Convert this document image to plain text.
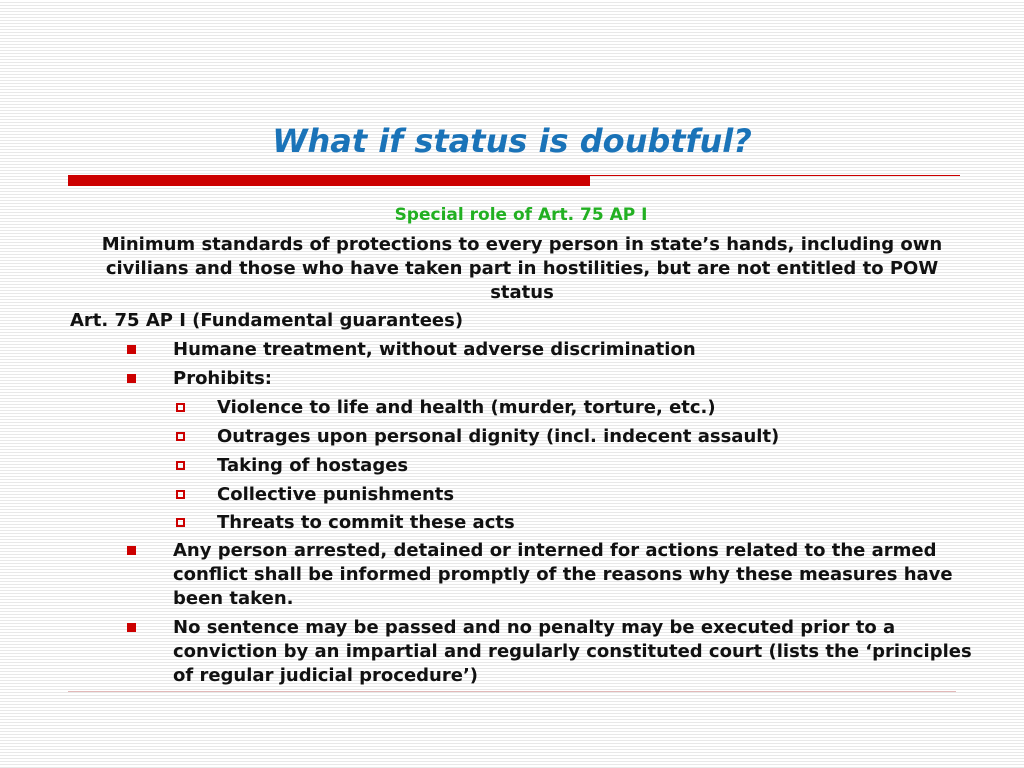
What if status is doubtful?
Special role of Art. 75 AP I
Minimum standards of protections to every person in state’s hands, including own civilians and those who have taken part in hostilities, but are not entitled to POW status
Art. 75 AP I (Fundamental guarantees)
Humane treatment, without adverse discrimination
Prohibits:
Violence to life and health (murder, torture, etc.)
Outrages upon personal dignity (incl. indecent assault)
Taking of hostages
Collective punishments
Threats to commit these acts
Any person arrested, detained or interned for actions related to the armed conflict shall be informed promptly of the reasons why these measures have been taken.
No sentence may be passed and no penalty may be executed prior to a conviction by an impartial and regularly constituted court (lists the ‘principles of regular judicial procedure’)
